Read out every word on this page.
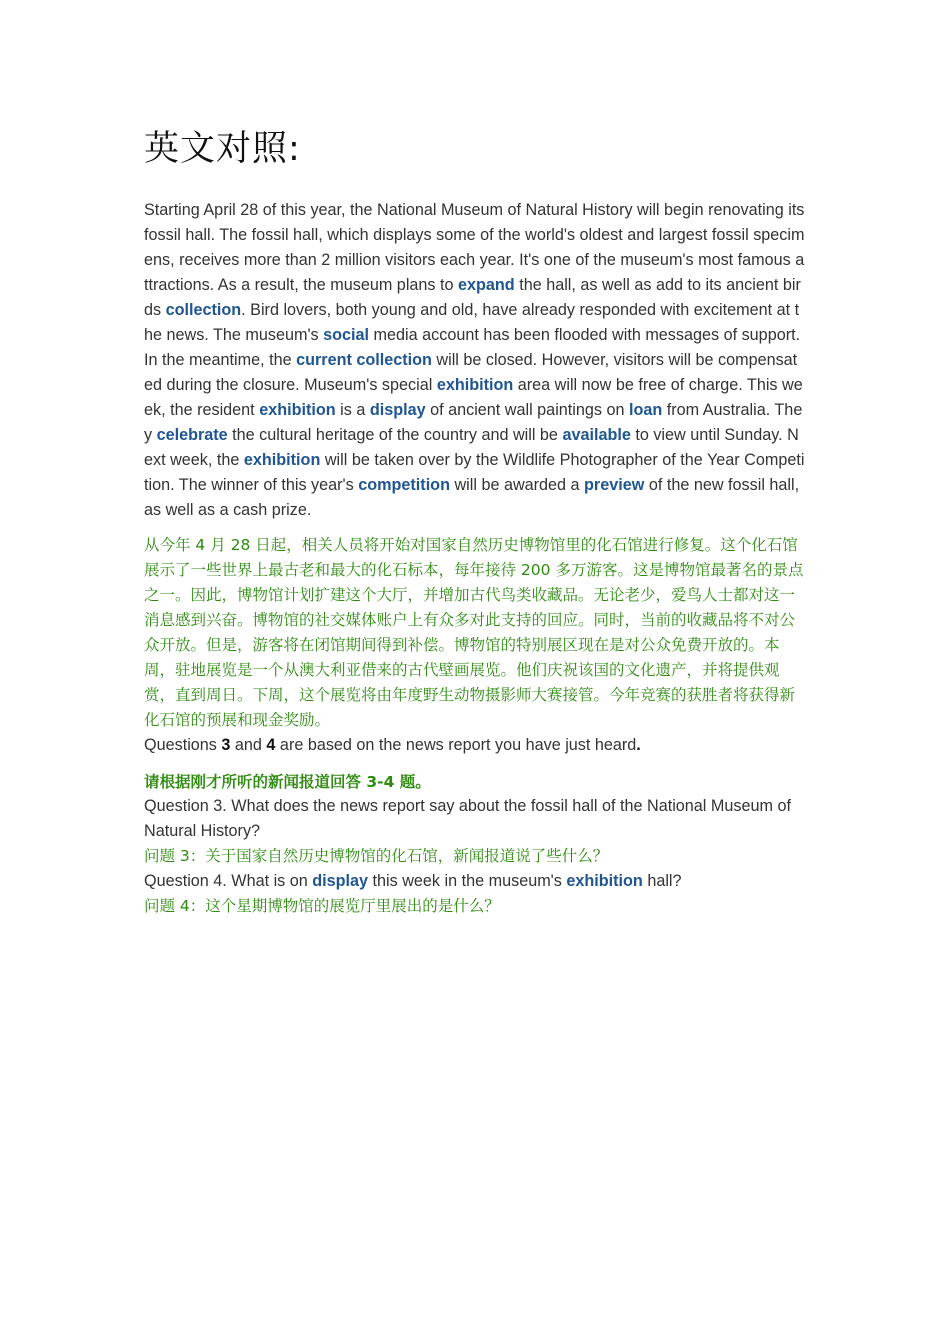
英文对照:

Starting April 28 of this year, the National Museum of Natural History will begin renovating its fossil hall. The fossil hall, which displays some of the world's oldest and largest fossil specimens, receives more than 2 million visitors each year. It's one of the museum's most famous attractions. As a result, the museum plans to expand the hall, as well as add to its ancient birds collection. Bird lovers, both young and old, have already responded with excitement at the news. The museum's social media account has been flooded with messages of support. In the meantime, the current collection will be closed. However, visitors will be compensated during the closure. Museum's special exhibition area will now be free of charge. This week, the resident exhibition is a display of ancient wall paintings on loan from Australia. They celebrate the cultural heritage of the country and will be available to view until Sunday. Next week, the exhibition will be taken over by the Wildlife Photographer of the Year Competition. The winner of this year's competition will be awarded a preview of the new fossil hall, as well as a cash prize.

从今年 4 月 28 日起，相关人员将开始对国家自然历史博物馆里的化石馆进行修复。这个化石馆展示了一些世界上最古老和最大的化石标本，每年接待 200 多万游客。这是博物馆最著名的景点之一。因此，博物馆计划扩建这个大厅，并增加古代鸟类收藏品。无论老少，爱鸟人士都对这一消息感到兴奋。博物馆的社交媒体账户上有众多对此支持的回应。同时，当前的收藏品将不对公众开放。但是，游客将在闭馆期间得到补偿。博物馆的特别展区现在是对公众免费开放的。本周，驻地展览是一个从澳大利亚借来的古代壁画展览。他们庆祝该国的文化遗产，并将提供观赏，直到周日。下周，这个展览将由年度野生动物摄影师大赛接管。今年竞赛的获胜者将获得新化石馆的预展和现金奖励。

Questions 3 and 4 are based on the news report you have just heard.

请根据刚才所听的新闻报道回答 3-4 题。

Question 3. What does the news report say about the fossil hall of the National Museum of Natural History?

问题 3：关于国家自然历史博物馆的化石馆，新闻报道说了些什么？

Question 4. What is on display this week in the museum's exhibition hall?

问题 4：这个星期博物馆的展览厅里展出的是什么？
